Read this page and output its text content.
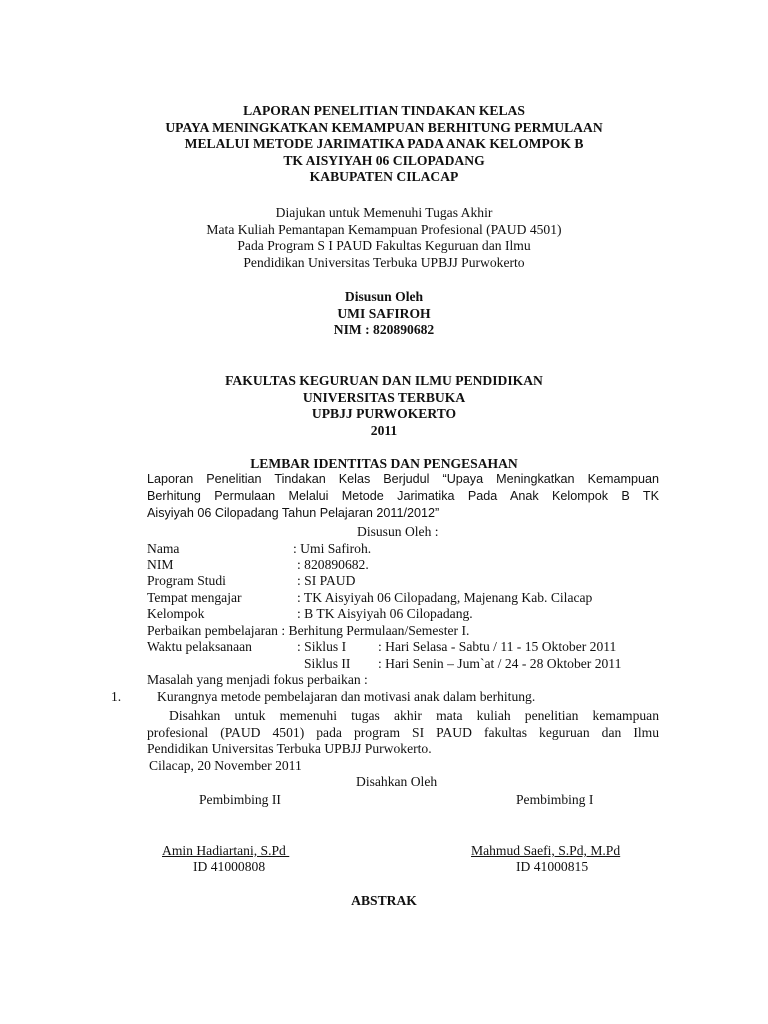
LAPORAN PENELITIAN TINDAKAN KELAS
UPAYA MENINGKATKAN KEMAMPUAN BERHITUNG PERMULAAN
MELALUI METODE JARIMATIKA PADA ANAK KELOMPOK B
TK AISYIYAH 06 CILOPADANG
KABUPATEN CILACAP
Diajukan untuk Memenuhi Tugas Akhir
Mata Kuliah Pemantapan Kemampuan Profesional (PAUD 4501)
Pada Program S I PAUD Fakultas Keguruan dan Ilmu
Pendidikan Universitas Terbuka UPBJJ Purwokerto
Disusun Oleh
UMI SAFIROH
NIM : 820890682
FAKULTAS KEGURUAN DAN ILMU PENDIDIKAN
UNIVERSITAS TERBUKA
UPBJJ PURWOKERTO
2011
LEMBAR IDENTITAS DAN PENGESAHAN
Laporan Penelitian Tindakan Kelas Berjudul “Upaya Meningkatkan Kemampuan
Berhitung Permulaan Melalui Metode Jarimatika Pada Anak Kelompok B TK
Aisyiyah 06 Cilopadang Tahun Pelajaran 2011/2012”
Disusun Oleh :
Nama	: Umi Safiroh.
NIM	: 820890682.
Program Studi	: SI PAUD
Tempat mengajar	: TK Aisyiyah 06 Cilopadang, Majenang Kab. Cilacap
Kelompok	: B TK Aisyiyah 06 Cilopadang.
Perbaikan pembelajaran : Berhitung Permulaan/Semester I.
Waktu pelaksanaan	: Siklus I : Hari Selasa - Sabtu / 11 - 15 Oktober 2011
Siklus II : Hari Senin – Jum`at / 24 - 28 Oktober 2011
Masalah yang menjadi fokus perbaikan :
1.	Kurangnya metode pembelajaran dan motivasi anak dalam berhitung.
Disahkan untuk memenuhi tugas akhir mata kuliah penelitian kemampuan
profesional (PAUD 4501) pada program SI PAUD fakultas keguruan dan Ilmu
Pendidikan Universitas Terbuka UPBJJ Purwokerto.
Cilacap, 20 November 2011
Disahkan Oleh
Pembimbing II	Pembimbing I
Amin Hadiartani, S.Pd	Mahmud Saefi, S.Pd, M.Pd
ID 41000808	ID 41000815
ABSTRAK
